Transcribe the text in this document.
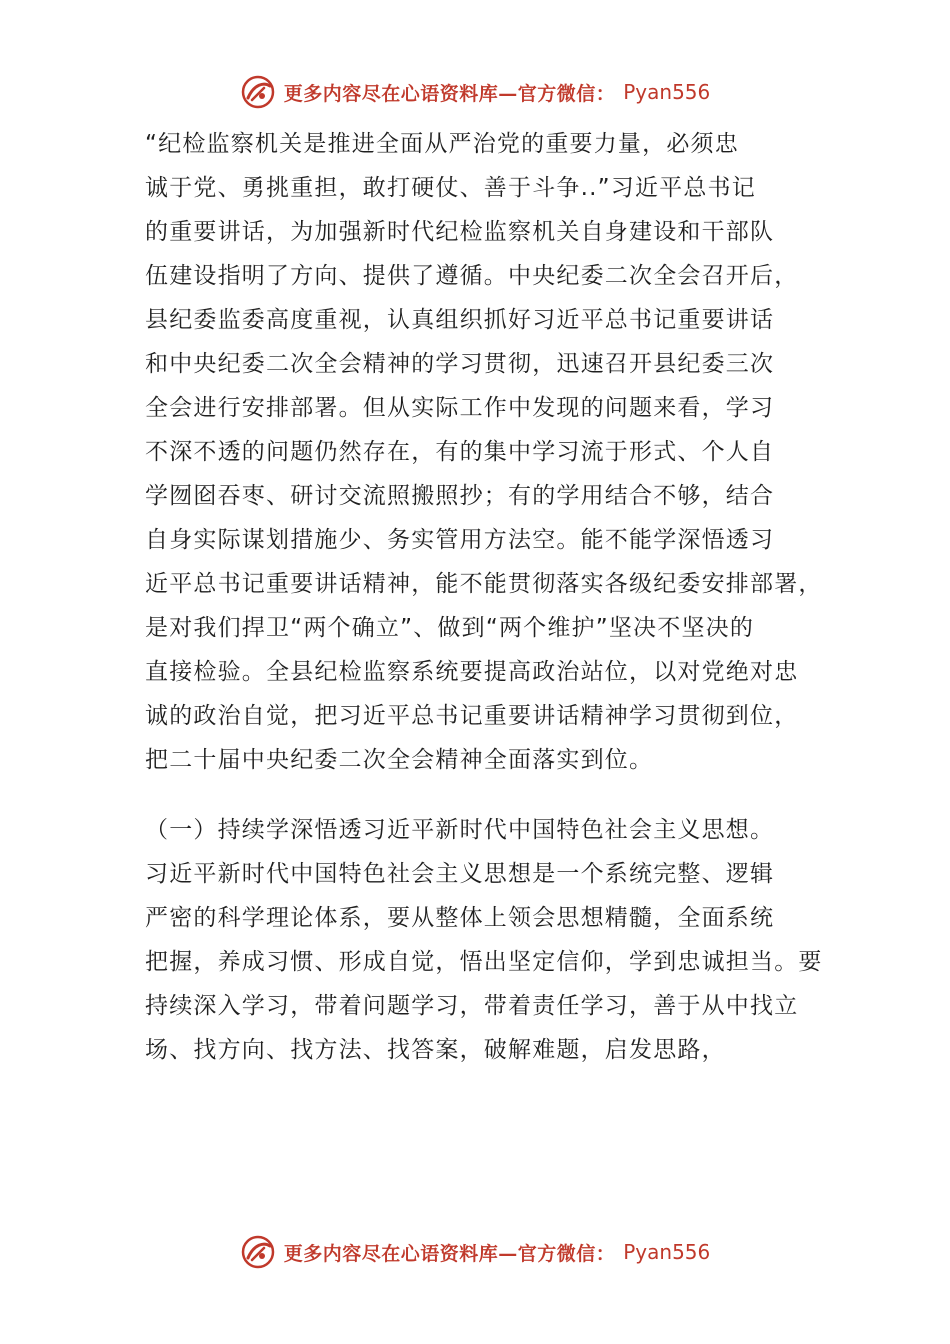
更多内容尽在心语资料库—官方微信： Pyan556
“纪检监察机关是推进全面从严治党的重要力量，必须忠
诚于党、勇挑重担，敢打硬仗、善于斗争..”习近平总书记
的重要讲话，为加强新时代纪检监察机关自身建设和干部队
伍建设指明了方向、提供了遵循。中央纪委二次全会召开后，
县纪委监委高度重视，认真组织抓好习近平总书记重要讲话
和中央纪委二次全会精神的学习贯彻，迅速召开县纪委三次
全会进行安排部署。但从实际工作中发现的问题来看，学习
不深不透的问题仍然存在，有的集中学习流于形式、个人自
学囫囵吞枣、研讨交流照搬照抄；有的学用结合不够，结合
自身实际谋划措施少、务实管用方法空。能不能学深悟透习
近平总书记重要讲话精神，能不能贯彻落实各级纪委安排部署，
是对我们捍卫“两个确立”、做到“两个维护”坚决不坚决的
直接检验。全县纪检监察系统要提高政治站位，以对党绝对忠
诚的政治自觉，把习近平总书记重要讲话精神学习贯彻到位，
把二十届中央纪委二次全会精神全面落实到位。
（一）持续学深悟透习近平新时代中国特色社会主义思想。
习近平新时代中国特色社会主义思想是一个系统完整、逻辑
严密的科学理论体系，要从整体上领会思想精髓，全面系统
把握，养成习惯、形成自觉，悟出坚定信仰，学到忠诚担当。要
持续深入学习，带着问题学习，带着责任学习，善于从中找立
场、找方向、找方法、找答案，破解难题，启发思路，
更多内容尽在心语资料库—官方微信： Pyan556
